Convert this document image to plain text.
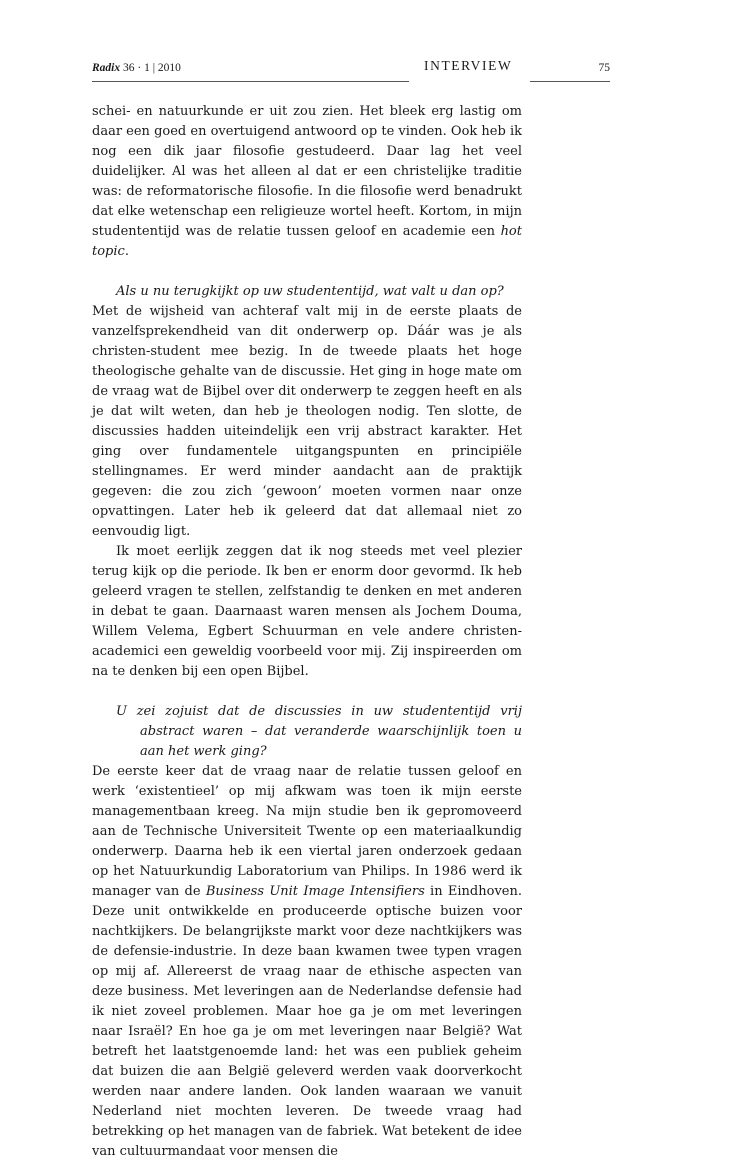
Radix 36 · 1 | 2010	INTERVIEW	75

schei- en natuurkunde er uit zou zien. Het bleek erg lastig om daar een goed en overtuigend antwoord op te vinden. Ook heb ik nog een dik jaar filosofie gestudeerd. Daar lag het veel duidelijker. Al was het alleen al dat er een christelijke traditie was: de reformatorische filosofie. In die filosofie werd benadrukt dat elke wetenschap een religieuze wortel heeft. Kortom, in mijn studententijd was de relatie tussen geloof en academie een hot topic.

Als u nu terugkijkt op uw studententijd, wat valt u dan op?

Met de wijsheid van achteraf valt mij in de eerste plaats de vanzelfsprekendheid van dit onderwerp op. Dáár was je als christen-student mee bezig. In de tweede plaats het hoge theologische gehalte van de discussie. Het ging in hoge mate om de vraag wat de Bijbel over dit onderwerp te zeggen heeft en als je dat wilt weten, dan heb je theologen nodig. Ten slotte, de discussies hadden uiteindelijk een vrij abstract karakter. Het ging over fundamentele uitgangspunten en principiële stellingnames. Er werd minder aandacht aan de praktijk gegeven: die zou zich ‘gewoon’ moeten vormen naar onze opvattingen. Later heb ik geleerd dat dat allemaal niet zo eenvoudig ligt.

Ik moet eerlijk zeggen dat ik nog steeds met veel plezier terug kijk op die periode. Ik ben er enorm door gevormd. Ik heb geleerd vragen te stellen, zelfstandig te denken en met anderen in debat te gaan. Daarnaast waren mensen als Jochem Douma, Willem Velema, Egbert Schuurman en vele andere christen-academici een geweldig voorbeeld voor mij. Zij inspireerden om na te denken bij een open Bijbel.

U zei zojuist dat de discussies in uw studententijd vrij abstract waren – dat veranderde waarschijnlijk toen u aan het werk ging?

De eerste keer dat de vraag naar de relatie tussen geloof en werk ‘existentieel’ op mij afkwam was toen ik mijn eerste managementbaan kreeg. Na mijn studie ben ik gepromoveerd aan de Technische Universiteit Twente op een materiaalkundig onderwerp. Daarna heb ik een viertal jaren onderzoek gedaan op het Natuurkundig Laboratorium van Philips. In 1986 werd ik manager van de Business Unit Image Intensifiers in Eindhoven. Deze unit ontwikkelde en produceerde optische buizen voor nachtkijkers. De belangrijkste markt voor deze nachtkijkers was de defensie-industrie. In deze baan kwamen twee typen vragen op mij af. Allereerst de vraag naar de ethische aspecten van deze business. Met leveringen aan de Nederlandse defensie had ik niet zoveel problemen. Maar hoe ga je om met leveringen naar Israël? En hoe ga je om met leveringen naar België? Wat betreft het laatstgenoemde land: het was een publiek geheim dat buizen die aan België geleverd werden vaak doorverkocht werden naar andere landen. Ook landen waaraan we vanuit Nederland niet mochten leveren. De tweede vraag had betrekking op het managen van de fabriek. Wat betekent de idee van cultuurmandaat voor mensen die
